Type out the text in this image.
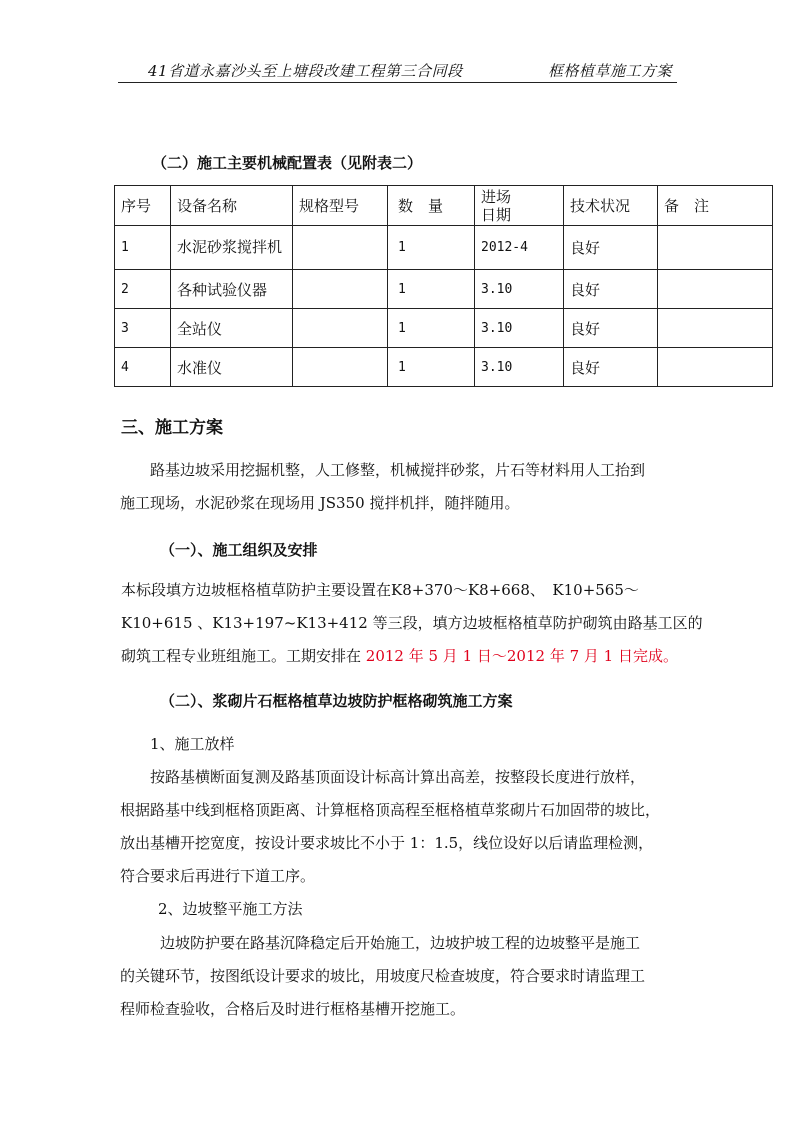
41省道永嘉沙头至上塘段改建工程第三合同段	框格植草施工方案
（二）施工主要机械配置表（见附表二）
序号	设备名称	规格型号	数　量	进场
日期	技术状况	备　注
1	水泥砂浆搅拌机		1	2012-4	良好	
2	各种试验仪器		1	3.10	良好	
3	全站仪		1	3.10	良好	
4	水准仪		1	3.10	良好	
三、施工方案
路基边坡采用挖掘机整，人工修整，机械搅拌砂浆，片石等材料用人工抬到
施工现场，水泥砂浆在现场用 JS350 搅拌机拌，随拌随用。
（一）、施工组织及安排
本标段填方边坡框格植草防护主要设置在K8+370～K8+668、　K10+565～
K10+615 、K13+197~K13+412 等三段，填方边坡框格植草防护砌筑由路基工区的
砌筑工程专业班组施工。工期安排在 2012 年 5 月 1 日～2012 年 7 月 1 日完成。
（二）、浆砌片石框格植草边坡防护框格砌筑施工方案
1、施工放样
按路基横断面复测及路基顶面设计标高计算出高差，按整段长度进行放样，
根据路基中线到框格顶距离、计算框格顶高程至框格植草浆砌片石加固带的坡比，
放出基槽开挖宽度，按设计要求坡比不小于 1：1.5，线位设好以后请监理检测，
符合要求后再进行下道工序。
2、边坡整平施工方法
边坡防护要在路基沉降稳定后开始施工，边坡护坡工程的边坡整平是施工
的关键环节，按图纸设计要求的坡比，用坡度尺检查坡度，符合要求时请监理工
程师检查验收，合格后及时进行框格基槽开挖施工。
